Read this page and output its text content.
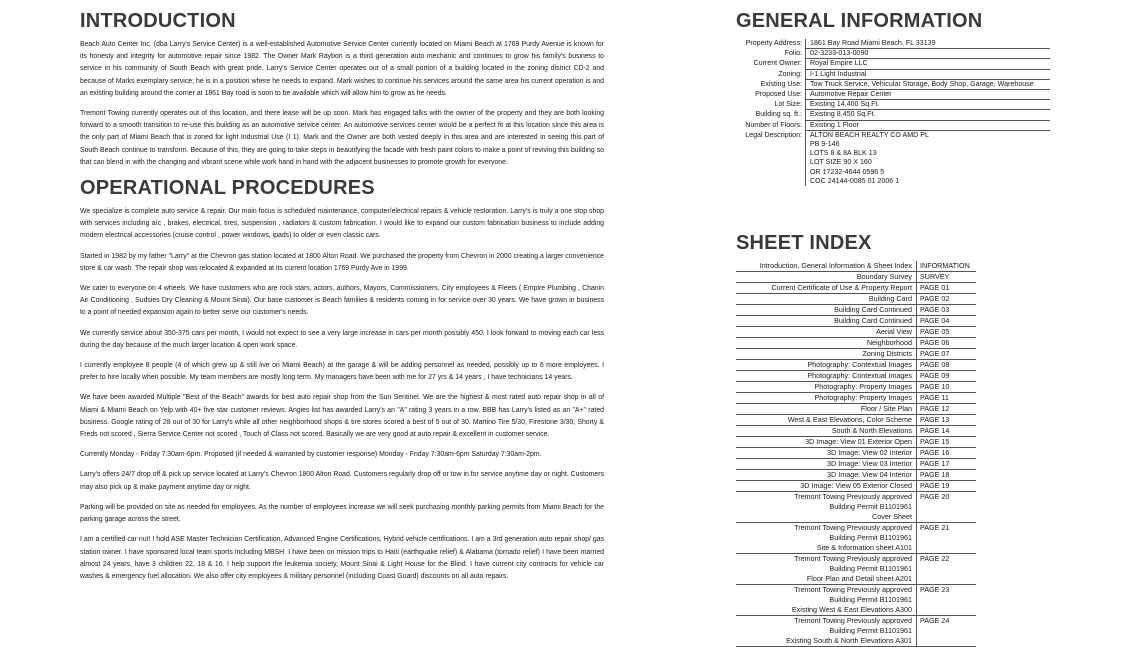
INTRODUCTION

Beach Auto Center Inc. (dba Larry's Service Center) is a well-established Automotive Service Center currently located on Miami Beach at 1769 Purdy Avenue is known for its honesty and integrity for automotive repair since 1982. The Owner Mark Raybon is a third generation auto mechanic and continues to grow his family's business to service in his community of South Beach with great pride. Larry's Service Center operates out of a small portion of a building located in the zoning district CD-2 and because of Marks exemplary service; he is in a position where he needs to expand. Mark wishes to continue his services around the same area his current operation is and an existing building around the corner at 1861 Bay road is soon to be available which will allow him to grow as he needs.

Tremont Towing currently operates out of this location, and there lease will be up soon. Mark has engaged talks with the owner of the property and they are both looking forward to a smooth transition to re-use this building as an automotive service center. An automotive services center would be a perfect fit at this location since this area is the only part of Miami Beach that is zoned for light Industrial Use (I 1). Mark and the Owner are both vested deeply in this area and are interested in seeing this part of South Beach continue to transform. Because of this, they are going to take steps in beautifying the facade with fresh paint colors to make a point of reviving this building so that can blend in with the changing and vibrant scene while work hand in hand with the adjacent businesses to promote growth for everyone.

OPERATIONAL PROCEDURES

We specialize is complete auto service & repair. Our main focus is scheduled maintenance, computer/electrical repairs & vehicle restoration. Larry's is truly a one stop shop with services including a/c , brakes, electrical, tires, suspension , radiators & custom fabrication. I would like to expand our custom fabrication business to include adding modern electrical accessories (cruise control , power windows, ipads) to older or even classic cars.

Started in 1982 by my father "Larry" at the Chevron gas station located at 1800 Alton Road. We purchased the property from Chevron in 2000 creating a larger convenience store & car wash. The repair shop was relocated & expanded at its current location 1769 Purdy Ave in 1999.

We cater to everyone on 4 wheels. We have customers who are rock stars, actors, authors, Mayors, Commissioners, City employees & Fleets ( Empire Plumbing , Chanin Air Conditioning , Sudsies Dry Cleaning & Mount Sinai). Our base customer is Beach families & residents coming in for service over 30 years. We have grown in business to a point of needed expansion again to better serve our customer's needs.

We currently service about 350-375 cars per month, I would not expect to see a very large increase in cars per month possibly 450. I look forward to moving each car less during the day because of the much larger location & open work space.

I currently employee 8 people (4 of which grew up & still live on Miami Beach) at the garage & will be adding personnel as needed, possibly up to 6 more employees. I prefer to hire locally when possible. My team members are mostly long term. My managers have been with me for 27 yrs & 14 years , I have technicians 14 years.

We have been awarded Multiple "Best of the Beach" awards for best auto repair shop from the Sun Sentinel. We are the highest & most rated auto repair shop in all of Miami & Miami Beach on Yelp with 40+ five star customer reviews. Angies list has awarded Larry's an "A" rating 3 years in a row. BBB has Larry's listed as an "A+" rated business. Google rating of 28 out of 30 for Larry's while all other neighborhood shops & tire stores scored a best of 5 out of 30. Martino Tire 5/30, Firestone 3/30, Shorty & Freds not scored , Sierra Service Center not scored , Touch of Class not scored. Basically we are very good at auto repair & excellent in customer service.

Currently Monday - Friday 7:30am-6pm. Proposed (if needed & warranted by customer response) Monday - Friday 7:30am-6pm Saturday 7:30am-2pm.

Larry's offers 24/7 drop off & pick up service located at Larry's Chevron 1800 Alton Road. Customers regularly drop off or tow in for service anytime day or night. Customers may also pick up & make payment anytime day or night.

Parking will be provided on site as needed for employees. As the number of employees increase we will seek purchasing monthly parking permits from Miami Beach for the parking garage across the street.

I am a certified car nut! I hold ASE Master Technician Certification, Advanced Engine Certifications, Hybrid vehicle certifications. I am a 3rd generation auto repair shop/ gas station owner. I have sponsored local team sports including MBSH. I have been on mission trips to Haiti (earthquake relief) & Alabama (tornado relief) I have been married almost 24 years, have 3 children 22, 18 & 16. I help support the leukemia society, Mount Sinai & Light House for the Blind. I have current city contracts for vehicle car washes & emergency fuel allocation. We also offer city employees & military personnel (including Coast Guard) discounts on all auto repairs.

GENERAL INFORMATION
Property Address:	1861 Bay Road Miami Beach, FL 33139
Folio:	02-3233-013-0090
Current Owner:	Royal Empire LLC
Zoning:	I-1 Light Industrial
Existing Use:	Tow Truck Service, Vehicular Storage, Body Shop, Garage, Warehouse
Proposed Use:	Automotive Repair Center
Lot Size:	Existing 14,400 Sq.Ft.
Building sq. ft.:	Existing 8,450 Sq.Ft.
Number of Floors:	Existing 1 Floor
Legal Description:	ALTON BEACH REALTY CO AMD PL
PB 9-146
LOTS 8 & 8A BLK 13
LOT SIZE 90 X 160
OR 17232-4644 0596 5
COC 24144-0085 01 2006 1
SHEET INDEX
Introduction, General Information & Sheet Index	INFORMATION
Boundary Survey	SURVEY
Current Certificate of Use & Property Report	PAGE 01
Building Card	PAGE 02
Building Card Continued	PAGE 03
Building Card Continued	PAGE 04
Aerial View	PAGE 05
Neighborhood	PAGE 06
Zoning Districts	PAGE 07
Photography: Contextual Images	PAGE 08
Photography: Contextual Images	PAGE 09
Photography: Property Images	PAGE 10
Photography: Property Images	PAGE 11
Floor / Site Plan	PAGE 12
West & East Elevations, Color Scheme	PAGE 13
South & North Elevations	PAGE 14
3D Image: View 01 Exterior Open	PAGE 15
3D Image: View 02 Interior	PAGE 16
3D Image: View 03 Interior	PAGE 17
3D Image: View 04 Interior	PAGE 18
3D Image: View 05 Exterior Closed	PAGE 19
Tremont Towing Previously approved
Building Permit B1101961
Cover Sheet
PAGE 20
Tremont Towing Previously approved
Building Permit B1101961
Site & Information sheet A101
PAGE 21
Tremont Towing Previously approved
Building Permit B1101961
Floor Plan and Detail sheet A201
PAGE 22
Tremont Towing Previously approved
Building Permit B1101961
Existing West & East Elevations A300
PAGE 23
Tremont Towing Previously approved
Building Permit B1101961
Existing South & North Elevations A301
PAGE 24
